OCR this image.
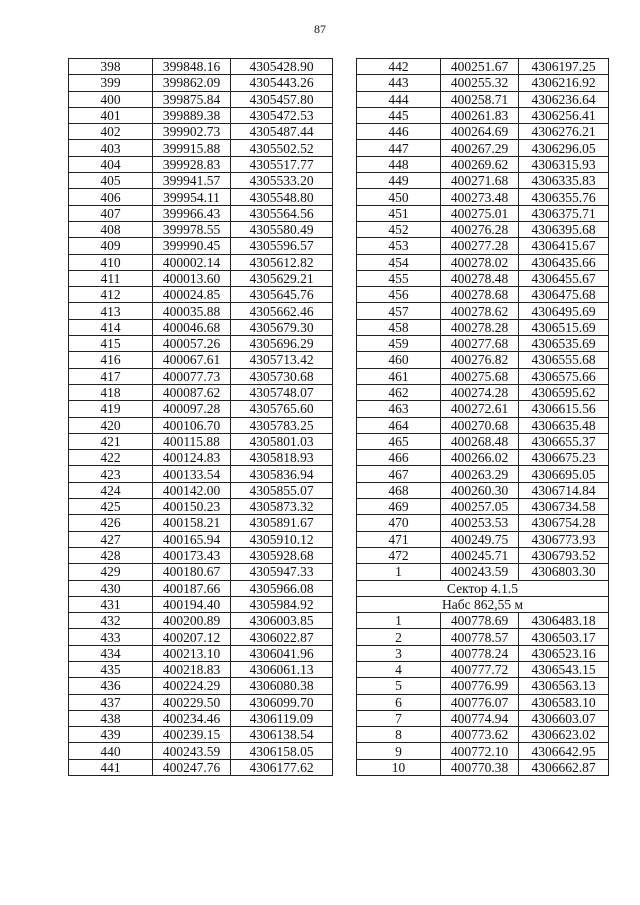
87
398	399848.16	4305428.90
399	399862.09	4305443.26
400	399875.84	4305457.80
401	399889.38	4305472.53
402	399902.73	4305487.44
403	399915.88	4305502.52
404	399928.83	4305517.77
405	399941.57	4305533.20
406	399954.11	4305548.80
407	399966.43	4305564.56
408	399978.55	4305580.49
409	399990.45	4305596.57
410	400002.14	4305612.82
411	400013.60	4305629.21
412	400024.85	4305645.76
413	400035.88	4305662.46
414	400046.68	4305679.30
415	400057.26	4305696.29
416	400067.61	4305713.42
417	400077.73	4305730.68
418	400087.62	4305748.07
419	400097.28	4305765.60
420	400106.70	4305783.25
421	400115.88	4305801.03
422	400124.83	4305818.93
423	400133.54	4305836.94
424	400142.00	4305855.07
425	400150.23	4305873.32
426	400158.21	4305891.67
427	400165.94	4305910.12
428	400173.43	4305928.68
429	400180.67	4305947.33
430	400187.66	4305966.08
431	400194.40	4305984.92
432	400200.89	4306003.85
433	400207.12	4306022.87
434	400213.10	4306041.96
435	400218.83	4306061.13
436	400224.29	4306080.38
437	400229.50	4306099.70
438	400234.46	4306119.09
439	400239.15	4306138.54
440	400243.59	4306158.05
441	400247.76	4306177.62
442	400251.67	4306197.25
443	400255.32	4306216.92
444	400258.71	4306236.64
445	400261.83	4306256.41
446	400264.69	4306276.21
447	400267.29	4306296.05
448	400269.62	4306315.93
449	400271.68	4306335.83
450	400273.48	4306355.76
451	400275.01	4306375.71
452	400276.28	4306395.68
453	400277.28	4306415.67
454	400278.02	4306435.66
455	400278.48	4306455.67
456	400278.68	4306475.68
457	400278.62	4306495.69
458	400278.28	4306515.69
459	400277.68	4306535.69
460	400276.82	4306555.68
461	400275.68	4306575.66
462	400274.28	4306595.62
463	400272.61	4306615.56
464	400270.68	4306635.48
465	400268.48	4306655.37
466	400266.02	4306675.23
467	400263.29	4306695.05
468	400260.30	4306714.84
469	400257.05	4306734.58
470	400253.53	4306754.28
471	400249.75	4306773.93
472	400245.71	4306793.52
1	400243.59	4306803.30
Сектор 4.1.5		
Набс 862,55 м		
1	400778.69	4306483.18
2	400778.57	4306503.17
3	400778.24	4306523.16
4	400777.72	4306543.15
5	400776.99	4306563.13
6	400776.07	4306583.10
7	400774.94	4306603.07
8	400773.62	4306623.02
9	400772.10	4306642.95
10	400770.38	4306662.87
